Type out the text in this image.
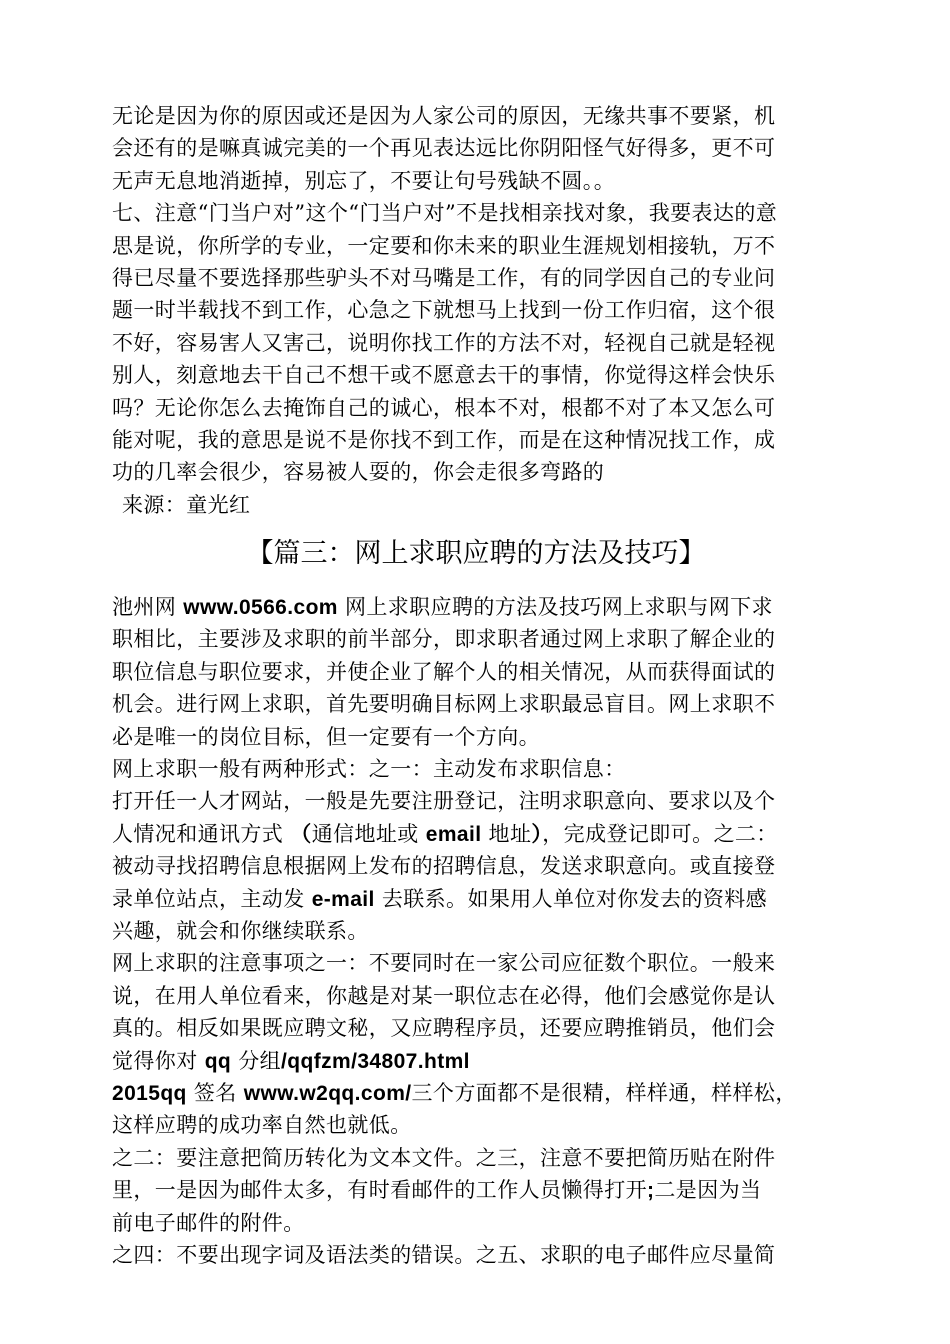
无论是因为你的原因或还是因为人家公司的原因，无缘共事不要紧，机
会还有的是嘛真诚完美的一个再见表达远比你阴阳怪气好得多，更不可
无声无息地消逝掉，别忘了，不要让句号残缺不圆。。
七、注意“门当户对”这个“门当户对”不是找相亲找对象，我要表达的意
思是说，你所学的专业，一定要和你未来的职业生涯规划相接轨，万不
得已尽量不要选择那些驴头不对马嘴是工作，有的同学因自己的专业问
题一时半载找不到工作，心急之下就想马上找到一份工作归宿，这个很
不好，容易害人又害己，说明你找工作的方法不对，轻视自己就是轻视
别人，刻意地去干自己不想干或不愿意去干的事情，你觉得这样会快乐
吗？无论你怎么去掩饰自己的诚心，根本不对，根都不对了本又怎么可
能对呢，我的意思是说不是你找不到工作，而是在这种情况找工作，成
功的几率会很少，容易被人耍的，你会走很多弯路的
来源：童光红
【篇三：网上求职应聘的方法及技巧】
池州网 www.0566.com 网上求职应聘的方法及技巧网上求职与网下求
职相比，主要涉及求职的前半部分，即求职者通过网上求职了解企业的
职位信息与职位要求，并使企业了解个人的相关情况，从而获得面试的
机会。进行网上求职，首先要明确目标网上求职最忌盲目。网上求职不
必是唯一的岗位目标，但一定要有一个方向。
网上求职一般有两种形式：之一：主动发布求职信息：
打开任一人才网站，一般是先要注册登记，注明求职意向、要求以及个
人情况和通讯方式 （通信地址或 email 地址），完成登记即可。之二：
被动寻找招聘信息根据网上发布的招聘信息，发送求职意向。或直接登
录单位站点，主动发 e-mail 去联系。如果用人单位对你发去的资料感
兴趣，就会和你继续联系。
网上求职的注意事项之一：不要同时在一家公司应征数个职位。一般来
说，在用人单位看来，你越是对某一职位志在必得，他们会感觉你是认
真的。相反如果既应聘文秘，又应聘程序员，还要应聘推销员，他们会
觉得你对 qq 分组/qqfzm/34807.html
2015qq 签名 www.w2qq.com/三个方面都不是很精，样样通，样样松，
这样应聘的成功率自然也就低。
之二：要注意把简历转化为文本文件。之三，注意不要把简历贴在附件
里，一是因为邮件太多，有时看邮件的工作人员懒得打开;二是因为当
前电子邮件的附件。
之四：不要出现字词及语法类的错误。之五、求职的电子邮件应尽量简
